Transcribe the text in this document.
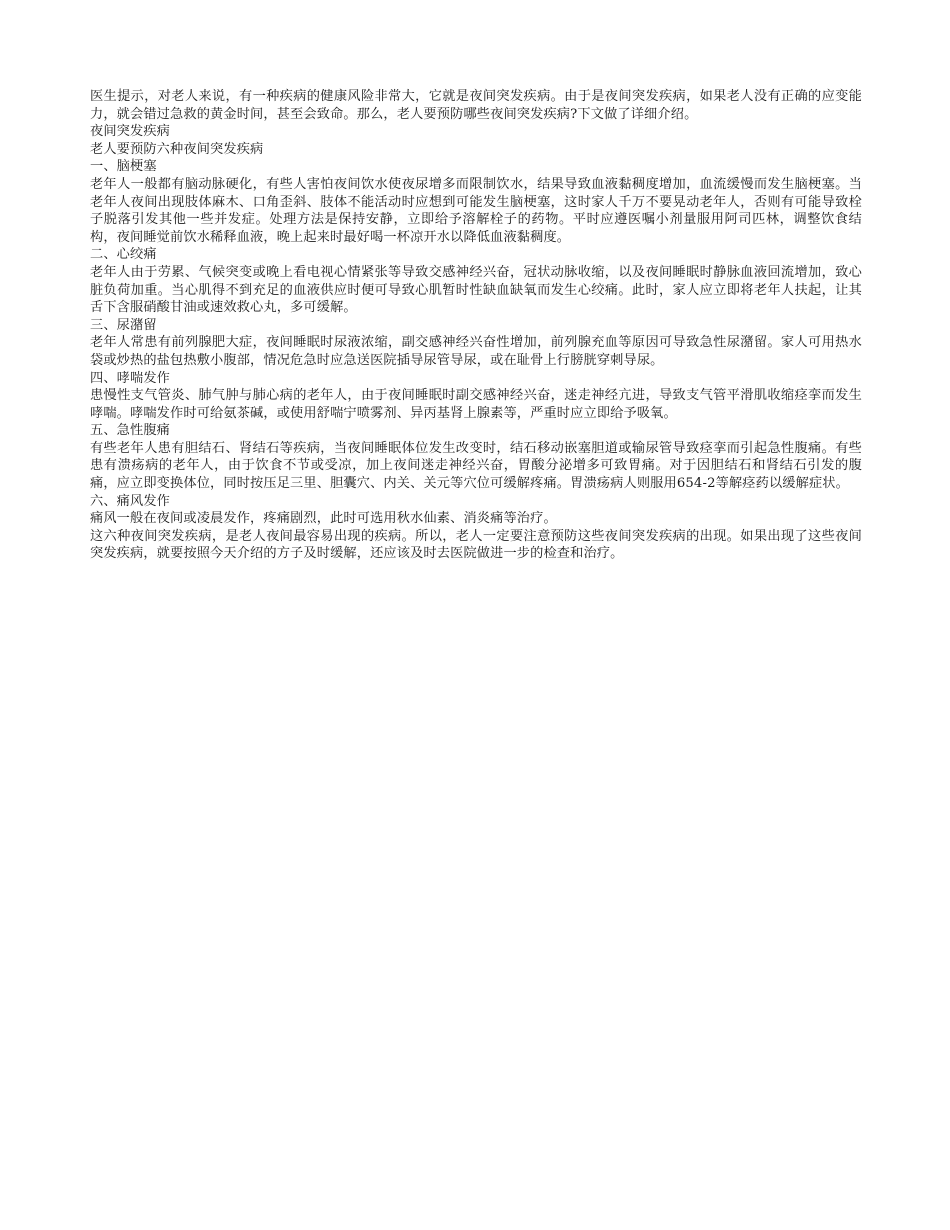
医生提示，对老人来说，有一种疾病的健康风险非常大，它就是夜间突发疾病。由于是夜间突发疾病，如果老人没有正确的应变能力，就会错过急救的黄金时间，甚至会致命。那么，老人要预防哪些夜间突发疾病?下文做了详细介绍。

夜间突发疾病

老人要预防六种夜间突发疾病

一、脑梗塞

老年人一般都有脑动脉硬化，有些人害怕夜间饮水使夜尿增多而限制饮水，结果导致血液黏稠度增加，血流缓慢而发生脑梗塞。当老年人夜间出现肢体麻木、口角歪斜、肢体不能活动时应想到可能发生脑梗塞，这时家人千万不要晃动老年人，否则有可能导致栓子脱落引发其他一些并发症。处理方法是保持安静，立即给予溶解栓子的药物。平时应遵医嘱小剂量服用阿司匹林，调整饮食结构，夜间睡觉前饮水稀释血液，晚上起来时最好喝一杯凉开水以降低血液黏稠度。

二、心绞痛

老年人由于劳累、气候突变或晚上看电视心情紧张等导致交感神经兴奋，冠状动脉收缩，以及夜间睡眠时静脉血液回流增加，致心脏负荷加重。当心肌得不到充足的血液供应时便可导致心肌暂时性缺血缺氧而发生心绞痛。此时，家人应立即将老年人扶起，让其舌下含服硝酸甘油或速效救心丸，多可缓解。

三、尿潴留

老年人常患有前列腺肥大症，夜间睡眠时尿液浓缩，副交感神经兴奋性增加，前列腺充血等原因可导致急性尿潴留。家人可用热水袋或炒热的盐包热敷小腹部，情况危急时应急送医院插导尿管导尿，或在耻骨上行膀胱穿刺导尿。

四、哮喘发作

患慢性支气管炎、肺气肿与肺心病的老年人，由于夜间睡眠时副交感神经兴奋，迷走神经亢进，导致支气管平滑肌收缩痉挛而发生哮喘。哮喘发作时可给氨茶碱，或使用舒喘宁喷雾剂、异丙基肾上腺素等，严重时应立即给予吸氧。

五、急性腹痛

有些老年人患有胆结石、肾结石等疾病，当夜间睡眠体位发生改变时，结石移动嵌塞胆道或输尿管导致痉挛而引起急性腹痛。有些患有溃疡病的老年人，由于饮食不节或受凉，加上夜间迷走神经兴奋，胃酸分泌增多可致胃痛。对于因胆结石和肾结石引发的腹痛，应立即变换体位，同时按压足三里、胆囊穴、内关、关元等穴位可缓解疼痛。胃溃疡病人则服用654-2等解痉药以缓解症状。

六、痛风发作

痛风一般在夜间或凌晨发作，疼痛剧烈，此时可选用秋水仙素、消炎痛等治疗。

这六种夜间突发疾病，是老人夜间最容易出现的疾病。所以，老人一定要注意预防这些夜间突发疾病的出现。如果出现了这些夜间突发疾病，就要按照今天介绍的方子及时缓解，还应该及时去医院做进一步的检查和治疗。
